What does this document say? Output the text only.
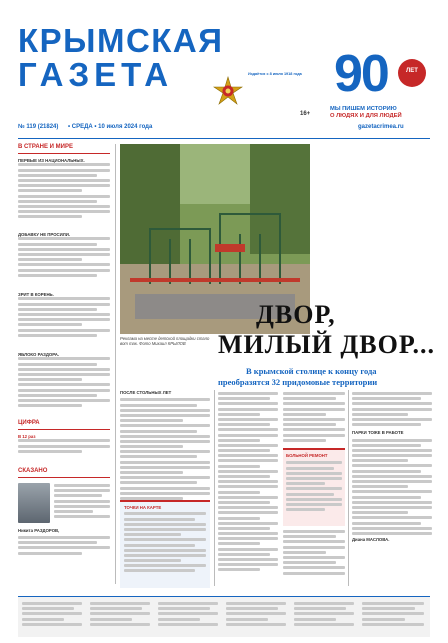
КРЫМСКАЯ
ГАЗЕТА	Издаётся с 8 июля 1918 года 90	ЛЕТ
МЫ ПИШЕМ ИСТОРИЮ
О ЛЮДЯХ И ДЛЯ ЛЮДЕЙ
16+
№ 119 (21824) • СРЕДА • 10 июля 2024 года	gazetacrimea.ru
В СТРАНЕ И МИРЕ
ПЕРВЫЕ ИЗ НАЦИОНАЛЬНЫХ.
ДОБАВКУ НЕ ПРОСИЛИ.
ЗРИТ В КОРЕНЬ.
ЯБЛОКО РАЗДОРА.
ЦИФРА
В 12 раз
СКАЗАНО
Никита РАЗДОРОВ,
Реклама на месте детской площадки стало вот так. Фото Михаил КРЫЛОВ
ДВОР,
МИЛЫЙ ДВОР...
В крымской столице к концу года
преобразятся 32 придомовые территории
ПОСЛЕ СТОЛЬНЫХ ЛЕТ
ТОЧКИ НА КАРТЕ
БОЛЬНОЙ РЕМОНТ
ПАРКИ ТОЖЕ В РАБОТЕ
Диана МАСЛОВА.
